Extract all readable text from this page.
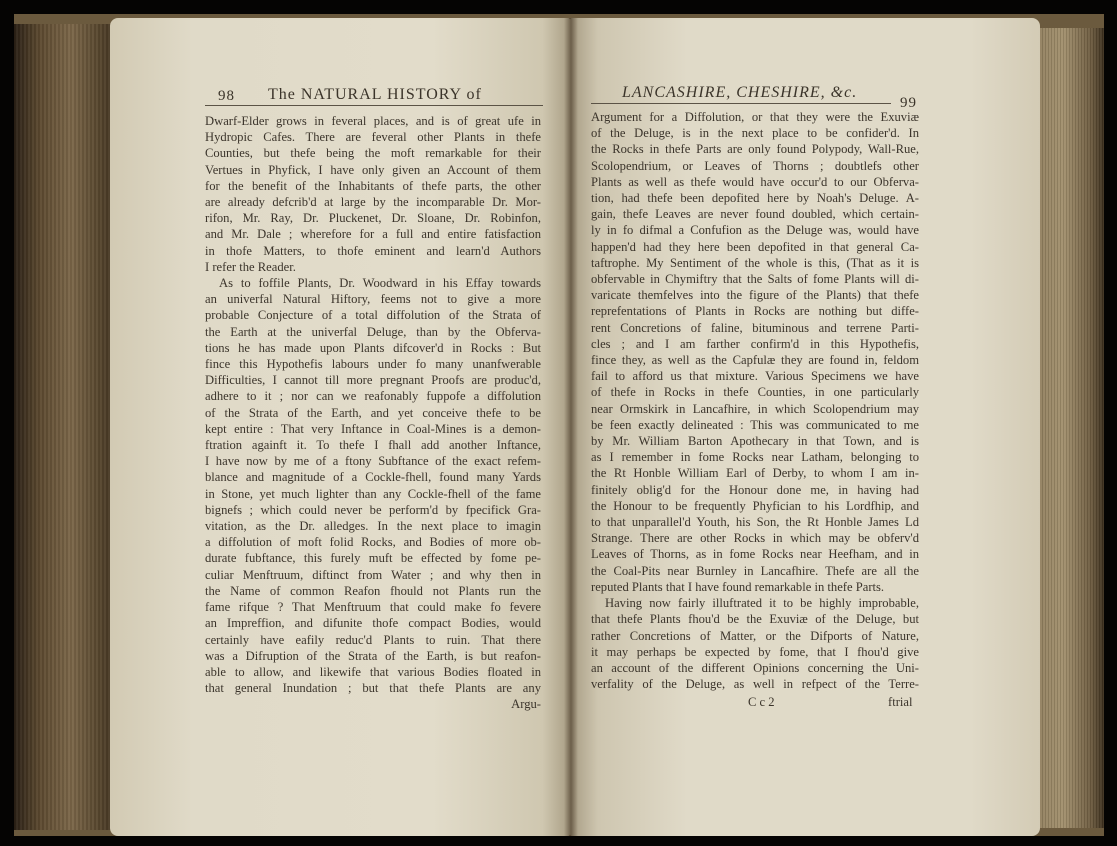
98 The NATURAL HISTORY of	LANCASHIRE, CHESHIRE, &c.
99
Dwarf-Elder grows in feveral places, and is of great ufe in
Hydropic Cafes. There are feveral other Plants in thefe
Counties, but thefe being the moft remarkable for their
Vertues in Phyfick, I have only given an Account of them
for the benefit of the Inhabitants of thefe parts, the other
are already defcrib'd at large by the incomparable Dr. Mor-
rifon, Mr. Ray, Dr. Pluckenet, Dr. Sloane, Dr. Robinfon,
and Mr. Dale ; wherefore for a full and entire fatisfaction
in thofe Matters, to thofe eminent and learn'd Authors
I refer the Reader.
As to foffile Plants, Dr. Woodward in his Effay towards
an univerfal Natural Hiftory, feems not to give a more
probable Conjecture of a total diffolution of the Strata of
the Earth at the univerfal Deluge, than by the Obferva-
tions he has made upon Plants difcover'd in Rocks : But
fince this Hypothefis labours under fo many unanfwerable
Difficulties, I cannot till more pregnant Proofs are produc'd,
adhere to it ; nor can we reafonably fuppofe a diffolution
of the Strata of the Earth, and yet conceive thefe to be
kept entire : That very Inftance in Coal-Mines is a demon-
ftration againft it. To thefe I fhall add another Inftance,
I have now by me of a ftony Subftance of the exact refem-
blance and magnitude of a Cockle-fhell, found many Yards
in Stone, yet much lighter than any Cockle-fhell of the fame
bignefs ; which could never be perform'd by fpecifick Gra-
vitation, as the Dr. alledges. In the next place to imagin
a diffolution of moft folid Rocks, and Bodies of more ob-
durate fubftance, this furely muft be effected by fome pe-
culiar Menftruum, diftinct from Water ; and why then in
the Name of common Reafon fhould not Plants run the
fame rifque ? That Menftruum that could make fo fevere
an Impreffion, and difunite thofe compact Bodies, would
certainly have eafily reduc'd Plants to ruin. That there
was a Difruption of the Strata of the Earth, is but reafon-
able to allow, and likewife that various Bodies floated in
that general Inundation ; but that thefe Plants are any
Argu-
Argument for a Diffolution, or that they were the Exuviæ
of the Deluge, is in the next place to be confider'd. In
the Rocks in thefe Parts are only found Polypody, Wall-Rue,
Scolopendrium, or Leaves of Thorns ; doubtlefs other
Plants as well as thefe would have occur'd to our Obferva-
tion, had thefe been depofited here by Noah's Deluge. A-
gain, thefe Leaves are never found doubled, which certain-
ly in fo difmal a Confufion as the Deluge was, would have
happen'd had they here been depofited in that general Ca-
taftrophe. My Sentiment of the whole is this, (That as it is
obfervable in Chymiftry that the Salts of fome Plants will di-
varicate themfelves into the figure of the Plants) that thefe
reprefentations of Plants in Rocks are nothing but diffe-
rent Concretions of faline, bituminous and terrene Parti-
cles ; and I am farther confirm'd in this Hypothefis,
fince they, as well as the Capfulæ they are found in, feldom
fail to afford us that mixture. Various Specimens we have
of thefe in Rocks in thefe Counties, in one particularly
near Ormskirk in Lancafhire, in which Scolopendrium may
be feen exactly delineated : This was communicated to me
by Mr. William Barton Apothecary in that Town, and is
as I remember in fome Rocks near Latham, belonging to
the Rt Honble William Earl of Derby, to whom I am in-
finitely oblig'd for the Honour done me, in having had
the Honour to be frequently Phyfician to his Lordfhip, and
to that unparallel'd Youth, his Son, the Rt Honble James Ld
Strange. There are other Rocks in which may be obferv'd
Leaves of Thorns, as in fome Rocks near Heefham, and in
the Coal-Pits near Burnley in Lancafhire. Thefe are all the
reputed Plants that I have found remarkable in thefe Parts.
Having now fairly illuftrated it to be highly improbable,
that thefe Plants fhou'd be the Exuviæ of the Deluge, but
rather Concretions of Matter, or the Difports of Nature,
it may perhaps be expected by fome, that I fhou'd give
an account of the different Opinions concerning the Uni-
verfality of the Deluge, as well in refpect of the Terre-
C c 2	ftrial
